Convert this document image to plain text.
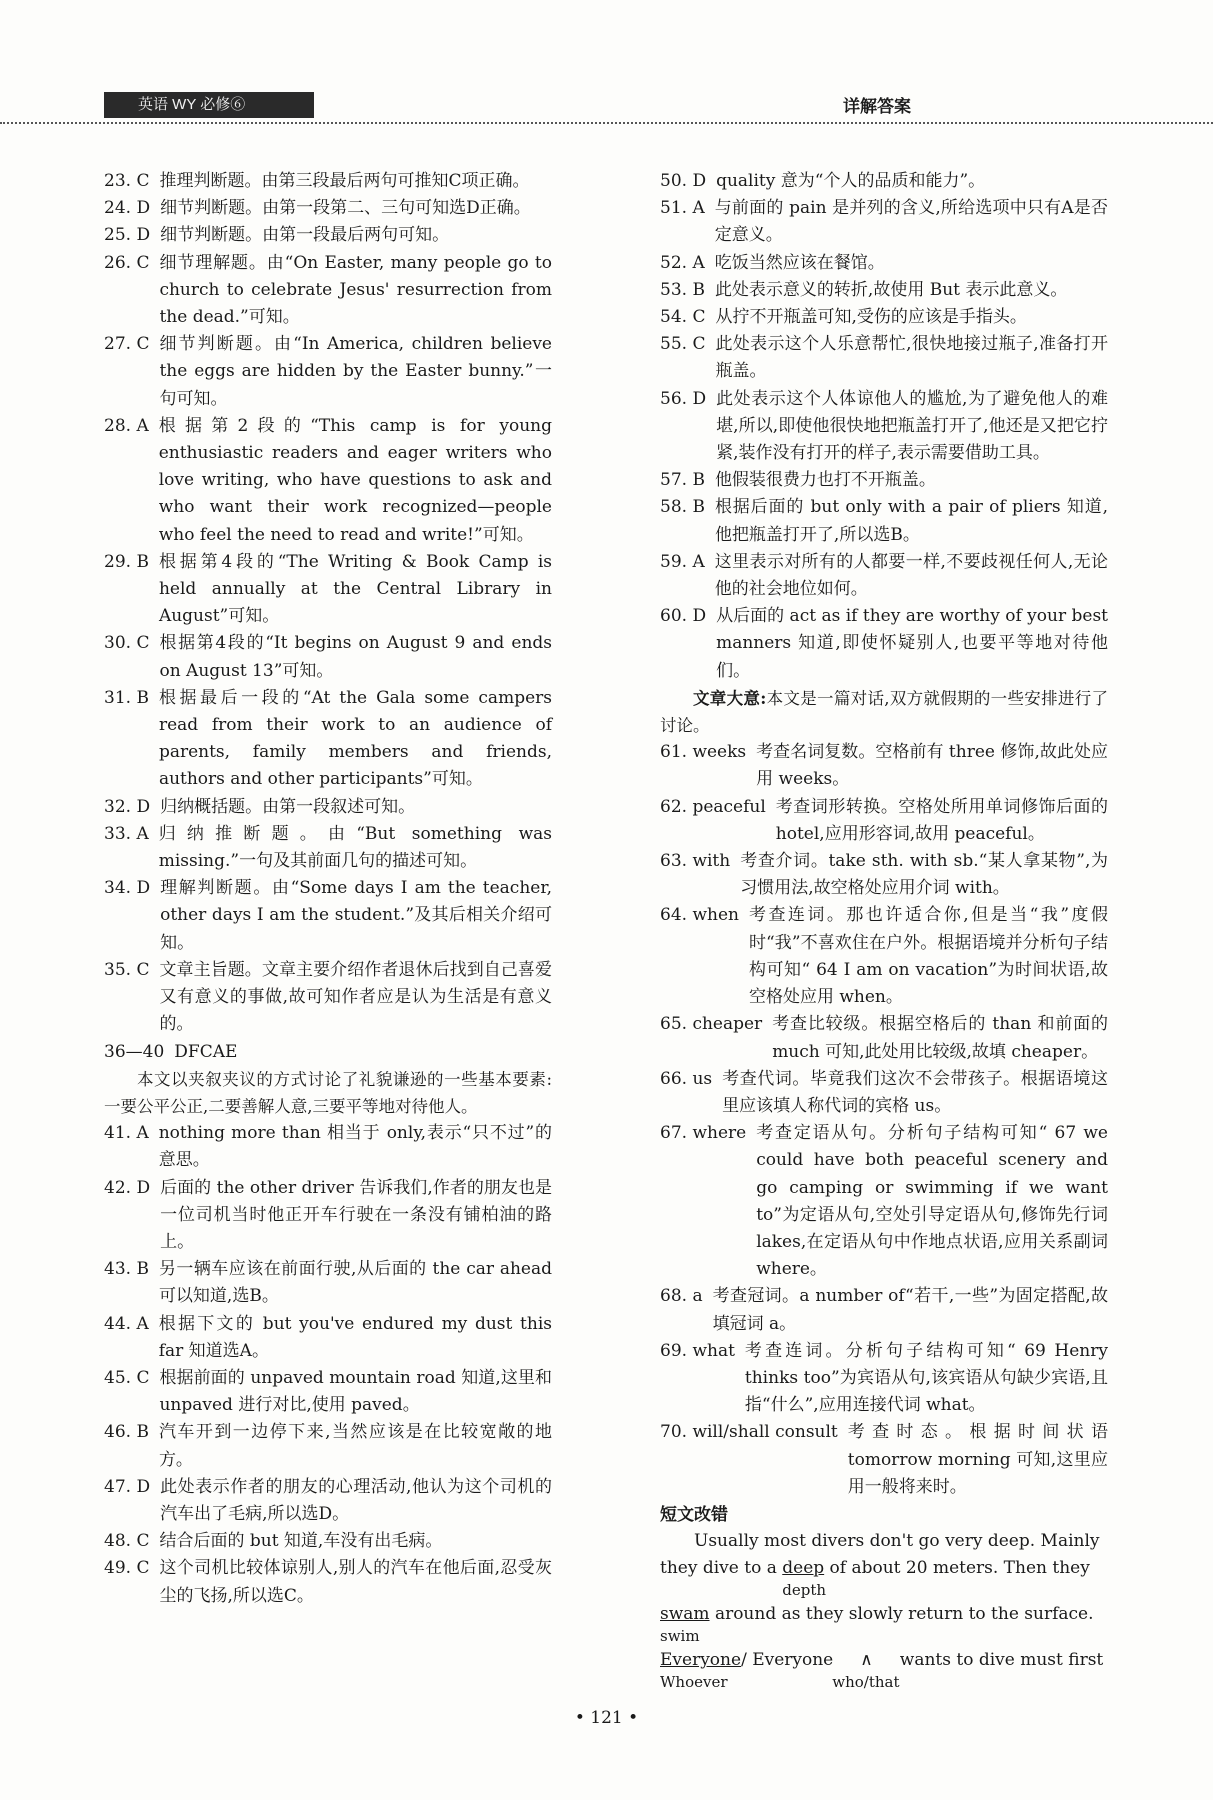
英语 WY 必修⑥	详解答案
23. C 推理判断题。由第三段最后两句可推知C项正确。
24. D 细节判断题。由第一段第二、三句可知选D正确。
25. D 细节判断题。由第一段最后两句可知。
26. C 细节理解题。由“On Easter, many people go to church to celebrate Jesus' resurrection from the dead.”可知。
27. C 细节判断题。由“In America, children believe the eggs are hidden by the Easter bunny.”一句可知。
28. A 根据第2段的“This camp is for young enthusiastic readers and eager writers who love writing, who have questions to ask and who want their work recognized—people who feel the need to read and write!”可知。
29. B 根据第4段的“The Writing & Book Camp is held annually at the Central Library in August”可知。
30. C 根据第4段的“It begins on August 9 and ends on August 13”可知。
31. B 根据最后一段的“At the Gala some campers read from their work to an audience of parents, family members and friends, authors and other participants”可知。
32. D 归纳概括题。由第一段叙述可知。
33. A 归纳推断题。由“But something was missing.”一句及其前面几句的描述可知。
34. D 理解判断题。由“Some days I am the teacher, other days I am the student.”及其后相关介绍可知。
35. C 文章主旨题。文章主要介绍作者退休后找到自己喜爱又有意义的事做,故可知作者应是认为生活是有意义的。
36—40 DFCAE
本文以夹叙夹议的方式讨论了礼貌谦逊的一些基本要素:一要公平公正,二要善解人意,三要平等地对待他人。
41. A nothing more than 相当于 only,表示“只不过”的意思。
42. D 后面的 the other driver 告诉我们,作者的朋友也是一位司机当时他正开车行驶在一条没有铺柏油的路上。
43. B 另一辆车应该在前面行驶,从后面的 the car ahead 可以知道,选B。
44. A 根据下文的 but you've endured my dust this far 知道选A。
45. C 根据前面的 unpaved mountain road 知道,这里和 unpaved 进行对比,使用 paved。
46. B 汽车开到一边停下来,当然应该是在比较宽敞的地方。
47. D 此处表示作者的朋友的心理活动,他认为这个司机的汽车出了毛病,所以选D。
48. C 结合后面的 but 知道,车没有出毛病。
49. C 这个司机比较体谅别人,别人的汽车在他后面,忍受灰尘的飞扬,所以选C。
50. D quality 意为“个人的品质和能力”。
51. A 与前面的 pain 是并列的含义,所给选项中只有A是否定意义。
52. A 吃饭当然应该在餐馆。
53. B 此处表示意义的转折,故使用 But 表示此意义。
54. C 从拧不开瓶盖可知,受伤的应该是手指头。
55. C 此处表示这个人乐意帮忙,很快地接过瓶子,准备打开瓶盖。
56. D 此处表示这个人体谅他人的尴尬,为了避免他人的难堪,所以,即使他很快地把瓶盖打开了,他还是又把它拧紧,装作没有打开的样子,表示需要借助工具。
57. B 他假装很费力也打不开瓶盖。
58. B 根据后面的 but only with a pair of pliers 知道,他把瓶盖打开了,所以选B。
59. A 这里表示对所有的人都要一样,不要歧视任何人,无论他的社会地位如何。
60. D 从后面的 act as if they are worthy of your best manners 知道,即使怀疑别人,也要平等地对待他们。
文章大意:本文是一篇对话,双方就假期的一些安排进行了讨论。
61. weeks 考查名词复数。空格前有 three 修饰,故此处应用 weeks。
62. peaceful 考查词形转换。空格处所用单词修饰后面的 hotel,应用形容词,故用 peaceful。
63. with 考查介词。take sth. with sb.“某人拿某物”,为习惯用法,故空格处应用介词 with。
64. when 考查连词。那也许适合你,但是当“我”度假时“我”不喜欢住在户外。根据语境并分析句子结构可知“ 64 I am on vacation”为时间状语,故空格处应用 when。
65. cheaper 考查比较级。根据空格后的 than 和前面的 much 可知,此处用比较级,故填 cheaper。
66. us 考查代词。毕竟我们这次不会带孩子。根据语境这里应该填人称代词的宾格 us。
67. where 考查定语从句。分析句子结构可知“ 67 we could have both peaceful scenery and go camping or swimming if we want to”为定语从句,空处引导定语从句,修饰先行词 lakes,在定语从句中作地点状语,应用关系副词 where。
68. a 考查冠词。a number of“若干,一些”为固定搭配,故填冠词 a。
69. what 考查连词。分析句子结构可知“ 69 Henry thinks too”为宾语从句,该宾语从句缺少宾语,且指“什么”,应用连接代词 what。
70. will/shall consult 考查时态。根据时间状语 tomorrow morning 可知,这里应用一般将来时。
短文改错
Usually most divers don't go very deep. Mainly
they dive to a deep
depth
of about 20 meters. Then they
swam
swim
around as they slowly return to the surface.
Everyone
Whoever
/ Everyone ∧
who/that
wants to dive must first
• 121 •
